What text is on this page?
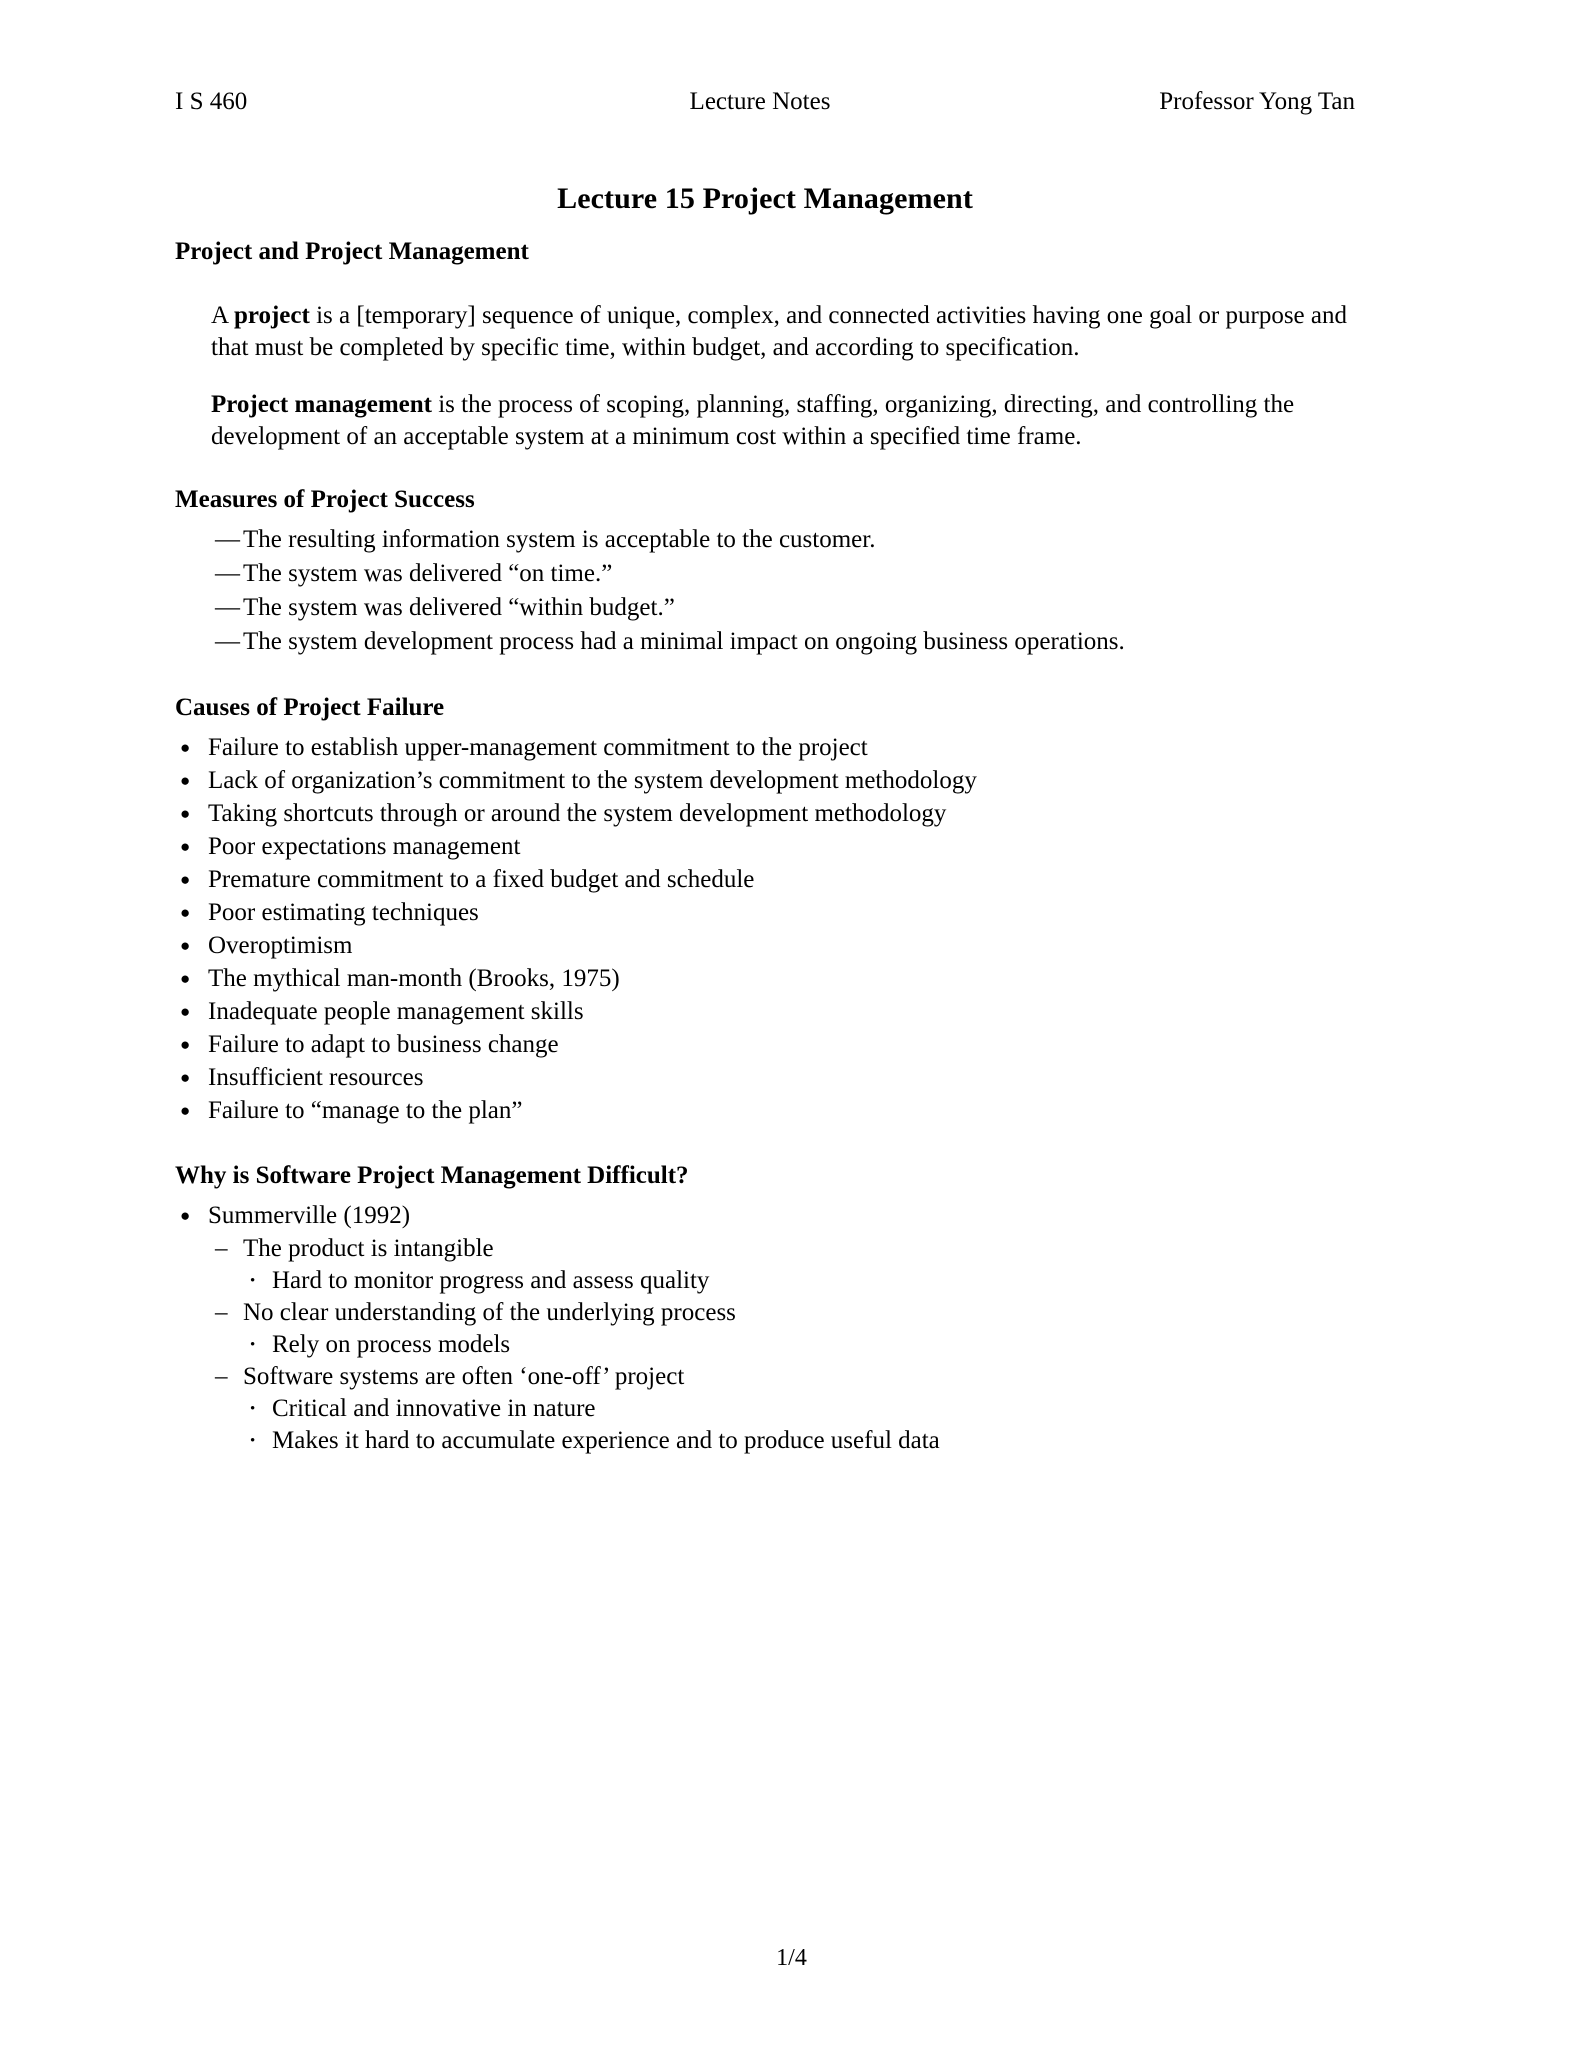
I S 460	Lecture Notes	Professor Yong Tan
Lecture 15 Project Management
Project and Project Management

A project is a [temporary] sequence of unique, complex, and connected activities having one goal or purpose and that must be completed by specific time, within budget, and according to specification.

Project management is the process of scoping, planning, staffing, organizing, directing, and controlling the development of an acceptable system at a minimum cost within a specified time frame.

Measures of Project Success
— The resulting information system is acceptable to the customer.
— The system was delivered “on time.”
— The system was delivered “within budget.”
— The system development process had a minimal impact on ongoing business operations.
Causes of Project Failure
● Failure to establish upper-management commitment to the project
● Lack of organization’s commitment to the system development methodology
● Taking shortcuts through or around the system development methodology
● Poor expectations management
● Premature commitment to a fixed budget and schedule
● Poor estimating techniques
● Overoptimism
● The mythical man-month (Brooks, 1975)
● Inadequate people management skills
● Failure to adapt to business change
● Insufficient resources
● Failure to “manage to the plan”
Why is Software Project Management Difficult?
● Summerville (1992)
– The product is intangible
• Hard to monitor progress and assess quality
– No clear understanding of the underlying process
• Rely on process models
– Software systems are often ‘one-off’ project
• Critical and innovative in nature
• Makes it hard to accumulate experience and to produce useful data
1/4
